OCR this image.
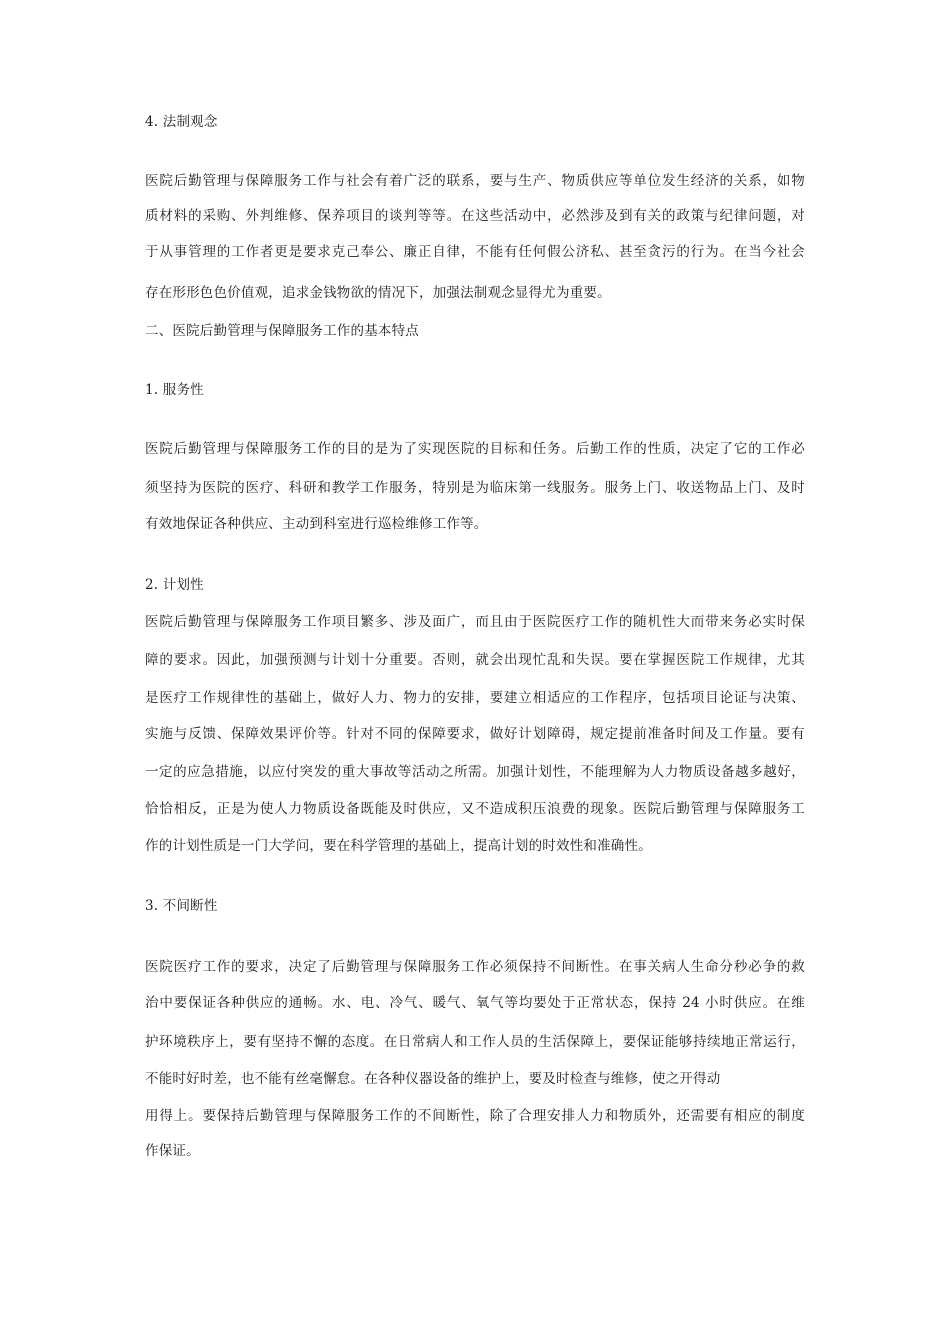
4. 法制观念
医院后勤管理与保障服务工作与社会有着广泛的联系，要与生产、物质供应等单位发生经济的关系，如物
质材料的采购、外判维修、保养项目的谈判等等。在这些活动中，必然涉及到有关的政策与纪律问题，对
于从事管理的工作者更是要求克己奉公、廉正自律，不能有任何假公济私、甚至贪污的行为。在当今社会
存在形形色色价值观，追求金钱物欲的情况下，加强法制观念显得尤为重要。
二、医院后勤管理与保障服务工作的基本特点
1. 服务性
医院后勤管理与保障服务工作的目的是为了实现医院的目标和任务。后勤工作的性质，决定了它的工作必
须坚持为医院的医疗、科研和教学工作服务，特别是为临床第一线服务。服务上门、收送物品上门、及时
有效地保证各种供应、主动到科室进行巡检维修工作等。
2. 计划性
医院后勤管理与保障服务工作项目繁多、涉及面广，而且由于医院医疗工作的随机性大而带来务必实时保
障的要求。因此，加强预测与计划十分重要。否则，就会出现忙乱和失误。要在掌握医院工作规律，尤其
是医疗工作规律性的基础上，做好人力、物力的安排，要建立相适应的工作程序，包括项目论证与决策、
实施与反馈、保障效果评价等。针对不同的保障要求，做好计划障碍，规定提前准备时间及工作量。要有
一定的应急措施，以应付突发的重大事故等活动之所需。加强计划性，不能理解为人力物质设备越多越好，
恰恰相反，正是为使人力物质设备既能及时供应，又不造成积压浪费的现象。医院后勤管理与保障服务工
作的计划性质是一门大学问，要在科学管理的基础上，提高计划的时效性和准确性。
3. 不间断性
医院医疗工作的要求，决定了后勤管理与保障服务工作必须保持不间断性。在事关病人生命分秒必争的救
治中要保证各种供应的通畅。水、电、冷气、暖气、氧气等均要处于正常状态，保持 24 小时供应。在维
护环境秩序上，要有坚持不懈的态度。在日常病人和工作人员的生活保障上，要保证能够持续地正常运行，
不能时好时差，也不能有丝毫懈怠。在各种仪器设备的维护上，要及时检查与维修，使之开得动
用得上。要保持后勤管理与保障服务工作的不间断性，除了合理安排人力和物质外，还需要有相应的制度
作保证。
